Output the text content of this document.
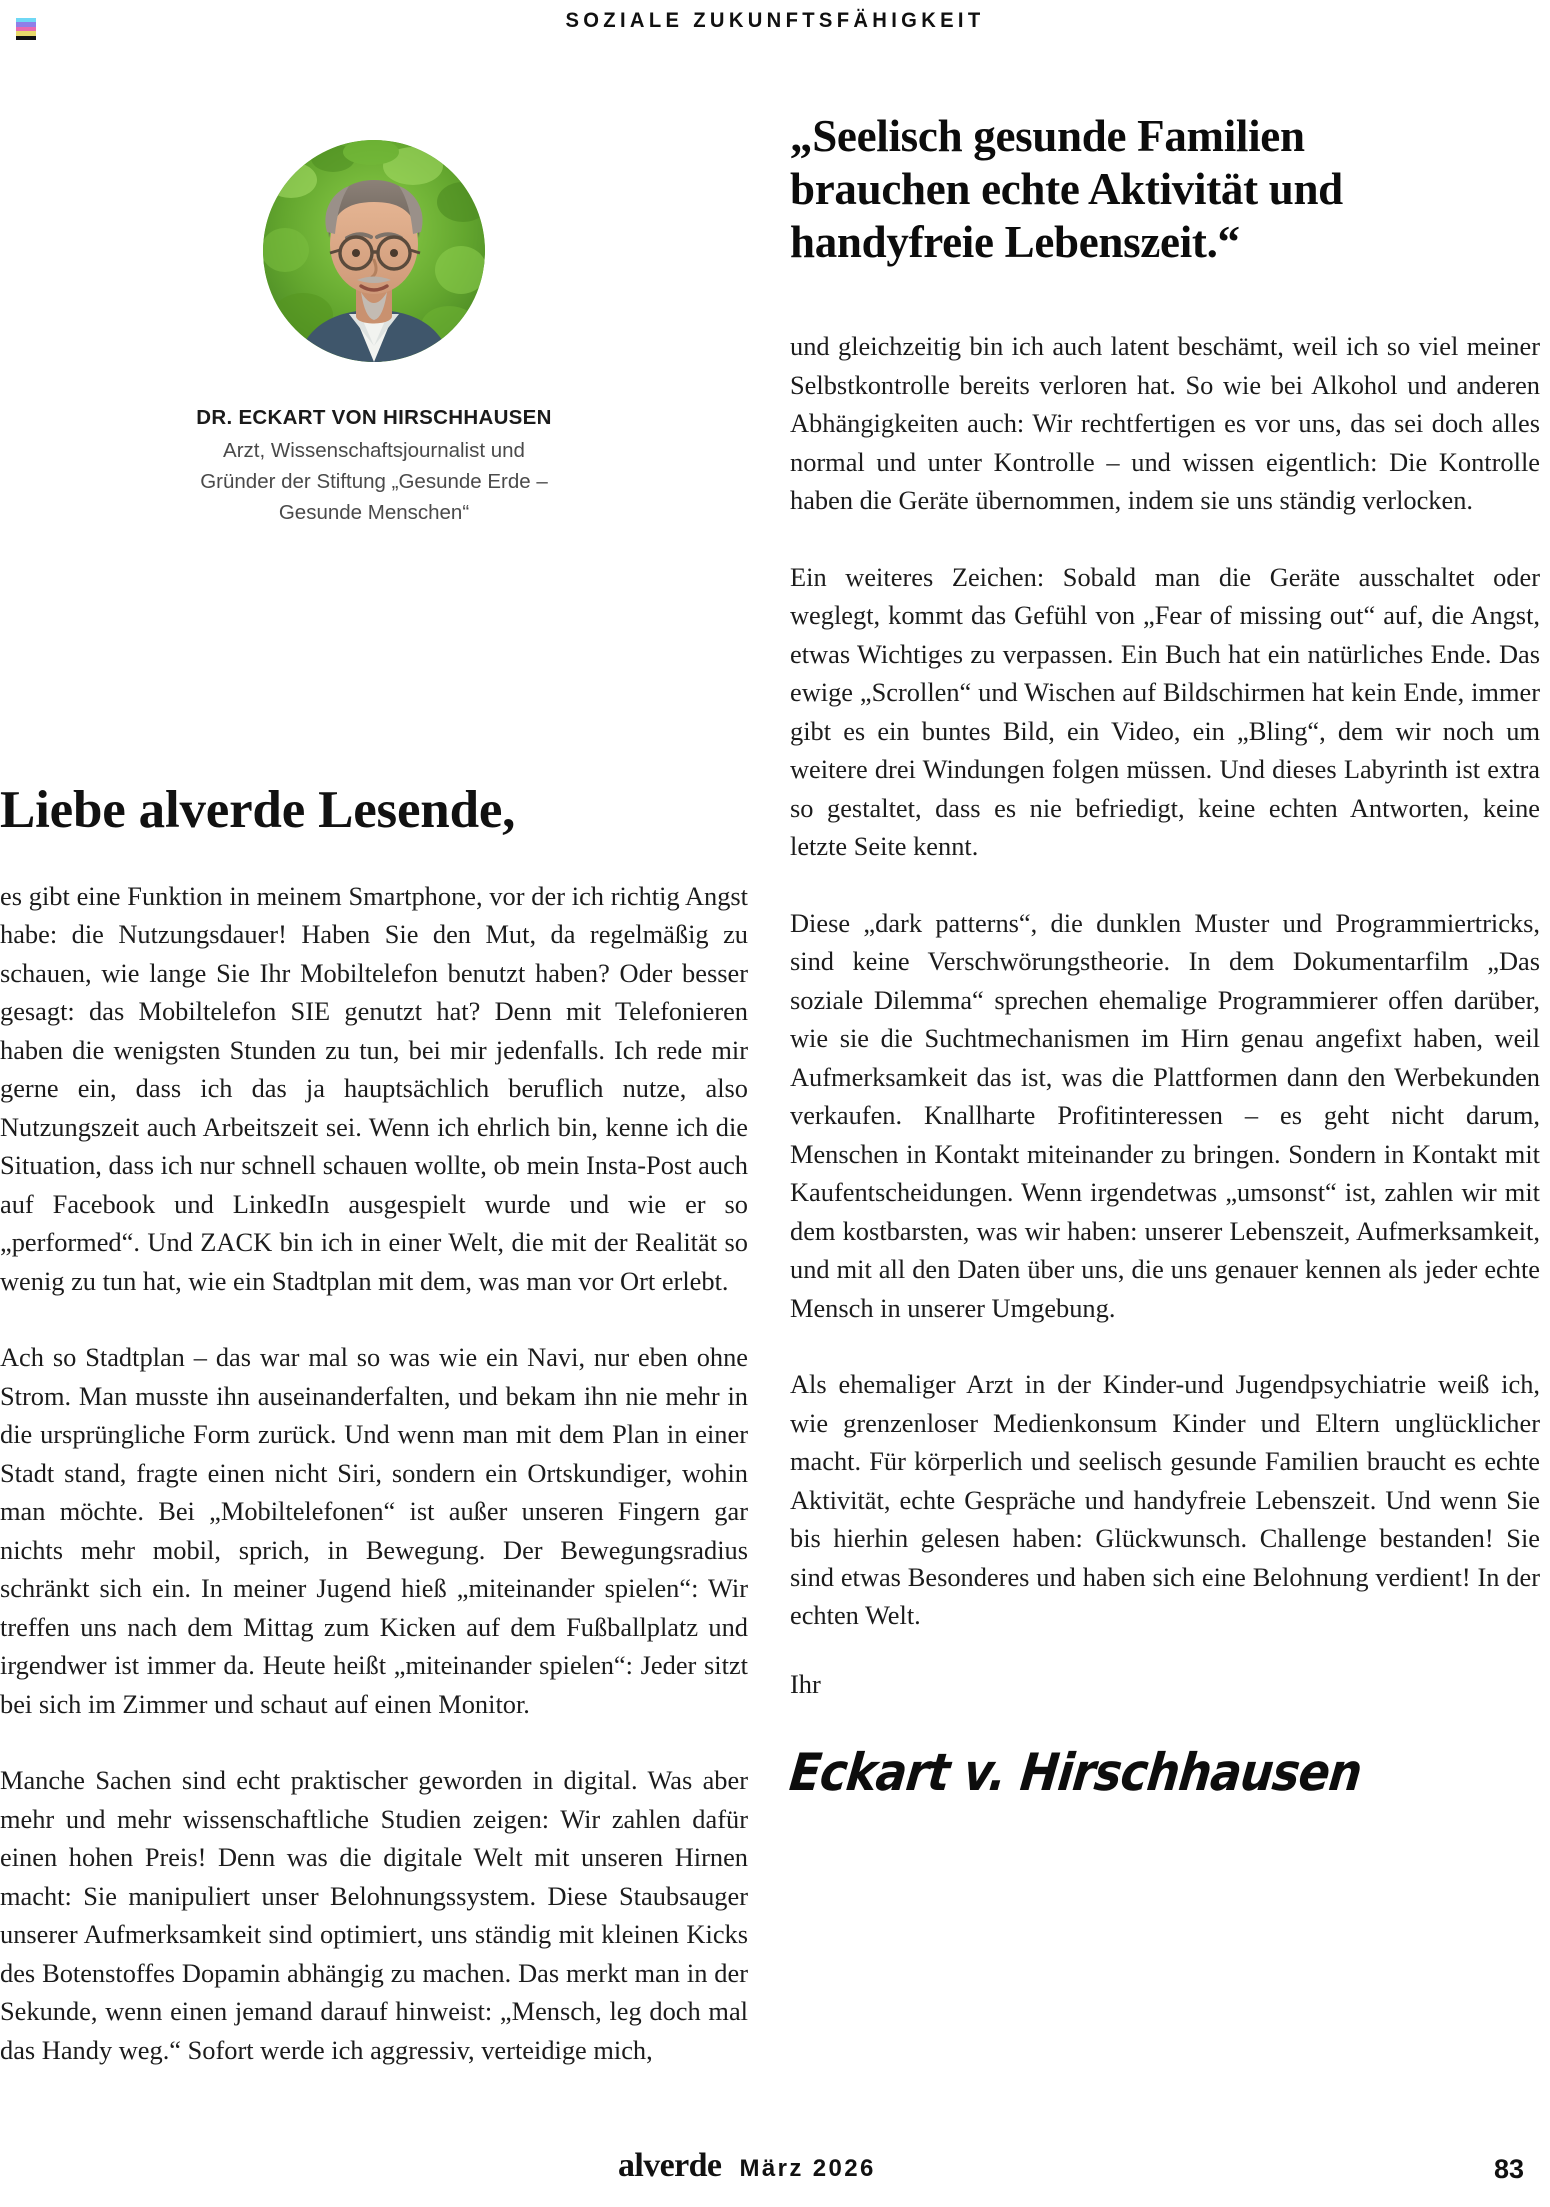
SOZIALE ZUKUNFTSFÄHIGKEIT
DR. ECKART VON HIRSCHHAUSEN
Arzt, Wissenschaftsjournalist und
Gründer der Stiftung „Gesunde Erde –
Gesunde Menschen“
Liebe alverde Lesende,

es gibt eine Funktion in meinem Smartphone, vor der ich richtig Angst habe: die Nutzungsdauer! Haben Sie den Mut, da regelmäßig zu schauen, wie lange Sie Ihr Mobiltelefon benutzt haben? Oder besser gesagt: das Mobiltelefon SIE genutzt hat? Denn mit Telefonieren haben die wenigsten Stunden zu tun, bei mir jedenfalls. Ich rede mir gerne ein, dass ich das ja hauptsächlich beruflich nutze, also Nutzungszeit auch Arbeitszeit sei. Wenn ich ehrlich bin, kenne ich die Situation, dass ich nur schnell schauen wollte, ob mein Insta-Post auch auf Facebook und LinkedIn ausgespielt wurde und wie er so „performed“. Und ZACK bin ich in einer Welt, die mit der Realität so wenig zu tun hat, wie ein Stadtplan mit dem, was man vor Ort erlebt.

Ach so Stadtplan – das war mal so was wie ein Navi, nur eben ohne Strom. Man musste ihn auseinanderfalten, und bekam ihn nie mehr in die ursprüngliche Form zurück. Und wenn man mit dem Plan in einer Stadt stand, fragte einen nicht Siri, sondern ein Ortskundiger, wohin man möchte. Bei „Mobiltelefonen“ ist außer unseren Fingern gar nichts mehr mobil, sprich, in Bewegung. Der Bewegungsradius schränkt sich ein. In meiner Jugend hieß „miteinander spielen“: Wir treffen uns nach dem Mittag zum Kicken auf dem Fußballplatz und irgendwer ist immer da. Heute heißt „miteinander spielen“: Jeder sitzt bei sich im Zimmer und schaut auf einen Monitor.

Manche Sachen sind echt praktischer geworden in digital. Was aber mehr und mehr wissenschaftliche Studien zeigen: Wir zahlen dafür einen hohen Preis! Denn was die digitale Welt mit unseren Hirnen macht: Sie manipuliert unser Belohnungssystem. Diese Staubsauger unserer Aufmerksamkeit sind optimiert, uns ständig mit kleinen Kicks des Botenstoffes Dopamin abhängig zu machen. Das merkt man in der Sekunde, wenn einen jemand darauf hinweist: „Mensch, leg doch mal das Handy weg.“ Sofort werde ich aggressiv, verteidige mich,

„Seelisch gesunde Familien brauchen echte Aktivität und handyfreie Lebenszeit.“

und gleichzeitig bin ich auch latent beschämt, weil ich so viel meiner Selbstkontrolle bereits verloren hat. So wie bei Alkohol und anderen Abhängigkeiten auch: Wir rechtfertigen es vor uns, das sei doch alles normal und unter Kontrolle – und wissen eigentlich: Die Kontrolle haben die Geräte übernommen, indem sie uns ständig verlocken.

Ein weiteres Zeichen: Sobald man die Geräte ausschaltet oder weglegt, kommt das Gefühl von „Fear of missing out“ auf, die Angst, etwas Wichtiges zu verpassen. Ein Buch hat ein natürliches Ende. Das ewige „Scrollen“ und Wischen auf Bildschirmen hat kein Ende, immer gibt es ein buntes Bild, ein Video, ein „Bling“, dem wir noch um weitere drei Windungen folgen müssen. Und dieses Labyrinth ist extra so gestaltet, dass es nie befriedigt, keine echten Antworten, keine letzte Seite kennt.

Diese „dark patterns“, die dunklen Muster und Programmiertricks, sind keine Verschwörungstheorie. In dem Dokumentarfilm „Das soziale Dilemma“ sprechen ehemalige Programmierer offen darüber, wie sie die Suchtmechanismen im Hirn genau angefixt haben, weil Aufmerksamkeit das ist, was die Plattformen dann den Werbekunden verkaufen. Knallharte Profitinteressen – es geht nicht darum, Menschen in Kontakt miteinander zu bringen. Sondern in Kontakt mit Kaufentscheidungen. Wenn irgendetwas „umsonst“ ist, zahlen wir mit dem kostbarsten, was wir haben: unserer Lebenszeit, Aufmerksamkeit, und mit all den Daten über uns, die uns genauer kennen als jeder echte Mensch in unserer Umgebung.

Als ehemaliger Arzt in der Kinder-und Jugendpsychiatrie weiß ich, wie grenzenloser Medienkonsum Kinder und Eltern unglücklicher macht. Für körperlich und seelisch gesunde Familien braucht es echte Aktivität, echte Gespräche und handyfreie Lebenszeit. Und wenn Sie bis hierhin gelesen haben: Glückwunsch. Challenge bestanden! Sie sind etwas Besonderes und haben sich eine Belohnung verdient! In der echten Welt.

Ihr

Eckart v. Hirschhausen
alverde März 2026	83
